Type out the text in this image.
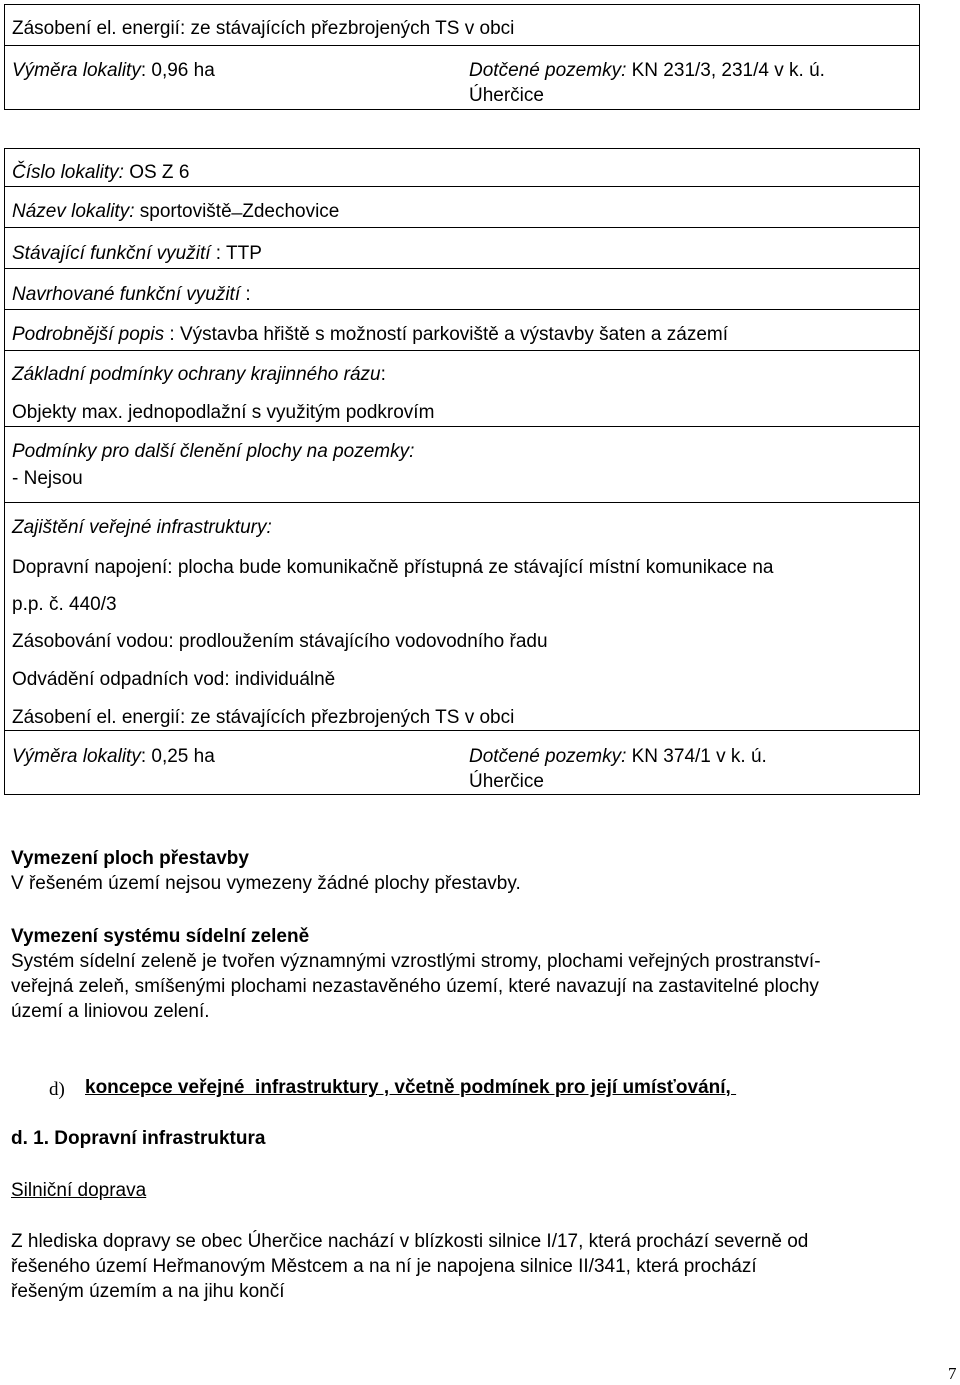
Zásobení el. energií: ze stávajících přezbrojených TS v obci
Výměra lokality: 0,96 ha	Dotčené pozemky: KN 231/3, 231/4 v k. ú.
Úherčice
Číslo lokality: OS Z 6
Název lokality: sportoviště ̶ Zdechovice
Stávající funkční využití : TTP
Navrhované funkční využití :
Podrobnější popis : Výstavba hřiště s možností parkoviště a výstavby šaten a zázemí
Základní podmínky ochrany krajinného rázu:
Objekty max. jednopodlažní s využitým podkrovím
Podmínky pro další členění plochy na pozemky:
- Nejsou
Zajištění veřejné infrastruktury:
Dopravní napojení: plocha bude komunikačně přístupná ze stávající místní komunikace na
p.p. č. 440/3
Zásobování vodou: prodloužením stávajícího vodovodního řadu
Odvádění odpadních vod: individuálně
Zásobení el. energií: ze stávajících přezbrojených TS v obci
Výměra lokality: 0,25 ha	Dotčené pozemky: KN 374/1 v k. ú.
Úherčice
Vymezení ploch přestavby
V řešeném území nejsou vymezeny žádné plochy přestavby.
Vymezení systému sídelní zeleně
Systém sídelní zeleně je tvořen významnými vzrostlými stromy, plochami veřejných prostranství-
veřejná zeleň, smíšenými plochami nezastavěného území, které navazují na zastavitelné plochy
území a liniovou zelení.
d) koncepce veřejné  infrastruktury , včetně podmínek pro její umísťování,
d. 1. Dopravní infrastruktura
Silniční doprava
Z hlediska dopravy se obec Úherčice nachází v blízkosti silnice I/17, která prochází severně od
řešeného území Heřmanovým Městcem a na ní je napojena silnice II/341, která prochází
řešeným územím a na jihu končí
7
